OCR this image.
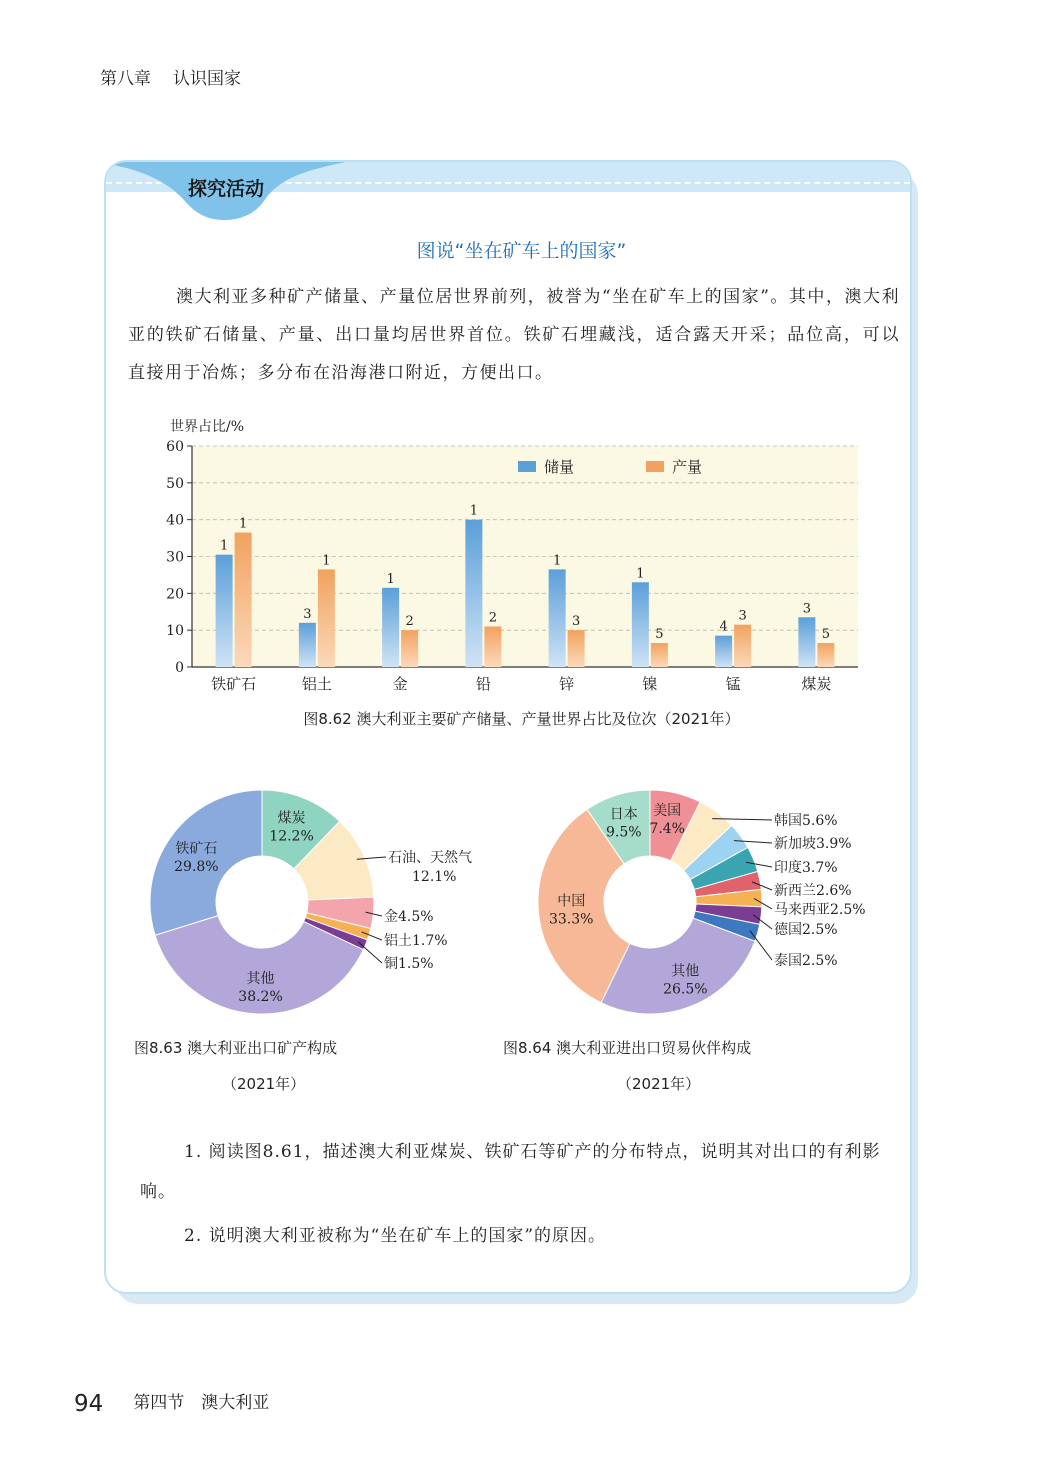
第八章 认识国家
探究活动
图说“坐在矿车上的国家”
澳大利亚多种矿产储量、产量位居世界前列，被誉为“坐在矿车上的国家”。其中，澳大利亚的铁矿石储量、产量、出口量均居世界首位。铁矿石埋藏浅，适合露天开采；品位高，可以直接用于冶炼；多分布在沿海港口附近，方便出口。
世界占比/%
0
10
20
30
40
50
60
铁矿石
1
1
铝土
3
1
金
1
2
铅
1
2
锌
1
3
镍
1
5
锰
4
3
煤炭
3
5
储量	产量
图8.62 澳大利亚主要矿产储量、产量世界占比及位次（2021年）
煤炭
12.2%
石油、天然气
12.1%
金4.5%
铝土1.7%
铜1.5%
其他
38.2%
铁矿石
29.8%
图8.63 澳大利亚出口矿产构成
（2021年）
美国
7.4%
韩国5.6%
新加坡3.9%
印度3.7%
新西兰2.6%
马来西亚2.5%
德国2.5%
泰国2.5%
其他
26.5%
中国
33.3%
日本
9.5%
图8.64 澳大利亚进出口贸易伙伴构成
（2021年）
1. 阅读图8.61，描述澳大利亚煤炭、铁矿石等矿产的分布特点，说明其对出口的有利影响。
2. 说明澳大利亚被称为“坐在矿车上的国家”的原因。
94 第四节　澳大利亚
